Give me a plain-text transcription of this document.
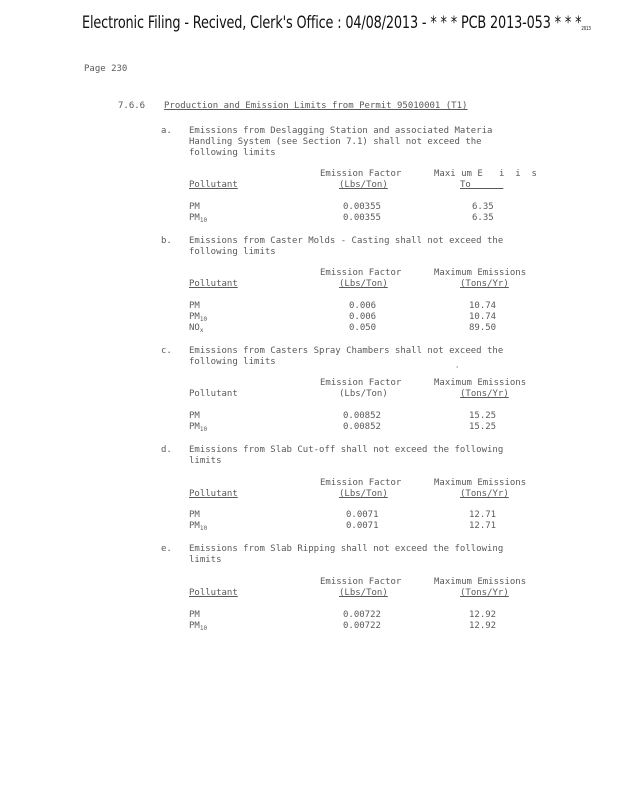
Electronic Filing - Recived, Clerk's Office : 04/08/2013 - * * * PCB 2013-053 * * $*_{2013}$
Page 230
7.6.6 Production and Emission Limits from Permit 95010001 (T1)
a. Emissions from Deslagging Station and associated Materia
Handling System (see Section 7.1) shall not exceed the
following limits
Emission Factor	Maxi um E   i  i  s
Pollutant	(Lbs/Ton)	To
PM	0.00355	6.35
$PM_{10}$	0.00355	6.35
b. Emissions from Caster Molds - Casting shall not exceed the
following limits
Emission Factor	Maximum Emissions
Pollutant	(Lbs/Ton)	(Tons/Yr)
PM	0.006	10.74
$PM_{10}$	0.006	10.74
$NO_x$	0.050	89.50
c. Emissions from Casters Spray Chambers shall not exceed the
following limits
Emission Factor	Maximum Emissions
Pollutant	(Lbs/Ton)	(Tons/Yr)
PM	0.00852	15.25
$PM_{10}$	0.00852	15.25
d. Emissions from Slab Cut-off shall not exceed the following
limits
Emission Factor	Maximum Emissions
Pollutant	(Lbs/Ton)	(Tons/Yr)
PM	0.0071	12.71
$PM_{10}$	0.0071	12.71
e. Emissions from Slab Ripping shall not exceed the following
limits
Emission Factor	Maximum Emissions
Pollutant	(Lbs/Ton)	(Tons/Yr)
PM	0.00722	12.92
$PM_{10}$	0.00722	12.92
'
